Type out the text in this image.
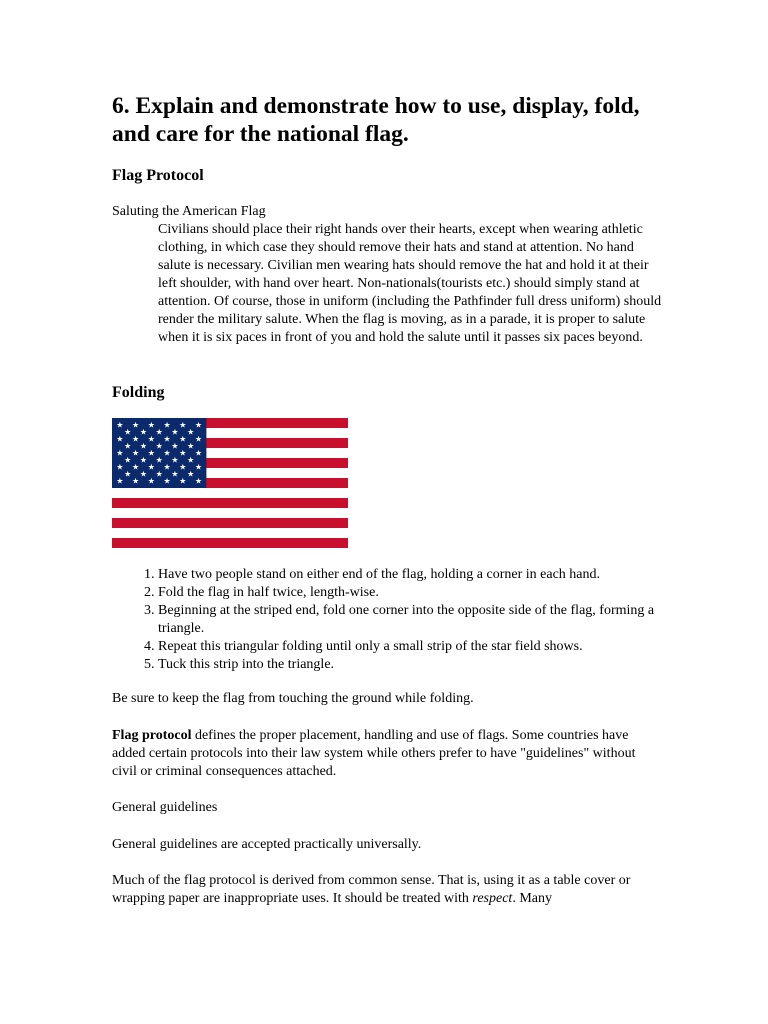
6. Explain and demonstrate how to use, display, fold, and care for the national flag.
Flag Protocol

Saluting the American Flag

Civilians should place their right hands over their hearts, except when wearing athletic clothing, in which case they should remove their hats and stand at attention. No hand salute is necessary. Civilian men wearing hats should remove the hat and hold it at their left shoulder, with hand over heart. Non-nationals(tourists etc.) should simply stand at attention. Of course, those in uniform (including the Pathfinder full dress uniform) should render the military salute. When the flag is moving, as in a parade, it is proper to salute when it is six paces in front of you and hold the salute until it passes six paces beyond.

Folding
1. Have two people stand on either end of the flag, holding a corner in each hand.
2. Fold the flag in half twice, length-wise.
3. Beginning at the striped end, fold one corner into the opposite side of the flag, forming a triangle.
4. Repeat this triangular folding until only a small strip of the star field shows.
5. Tuck this strip into the triangle.

Be sure to keep the flag from touching the ground while folding.

Flag protocol defines the proper placement, handling and use of flags. Some countries have added certain protocols into their law system while others prefer to have "guidelines" without civil or criminal consequences attached.

General guidelines

General guidelines are accepted practically universally.

Much of the flag protocol is derived from common sense. That is, using it as a table cover or wrapping paper are inappropriate uses. It should be treated with respect. Many
